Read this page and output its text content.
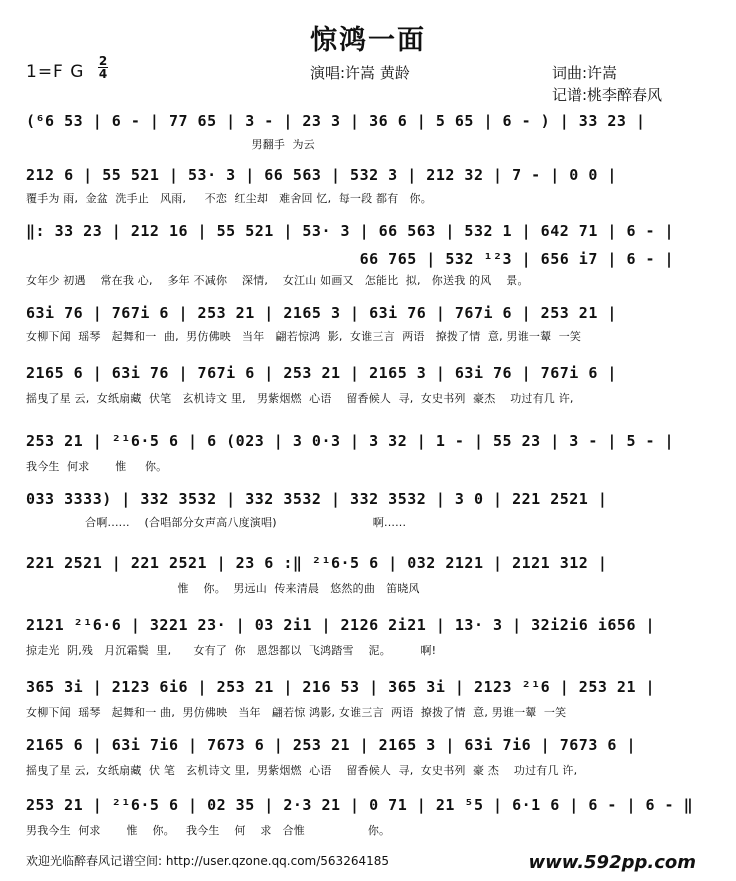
惊鸿一面
1=F G
2
4	演唱:许嵩 黄龄	词曲:许嵩
记谱:桃李醉春风
(⁶6 53 | 6 - | 77 65 | 3 - | 23 3 | 36 6 | 5 65 | 6 - ) | 33 23 |
男翻手  为云
212 6 | 55 521 | 53· 3 | 66 563 | 532 3 | 212 32 | 7 - | 0 0 |
覆手为 雨,  金盆  洗手止   风雨,     不恋  红尘却   难舍回 忆,  每一段 都有   你。
‖: 33 23 | 212 16 | 55 521 | 53· 3 | 66 563 | 532 1 | 642 71 | 6 - |
66 765 | 532 ¹²3 | 656 i7 | 6 - |
女年少 初遇    常在我 心,    多年 不减你    深情,    女江山 如画又   怎能比  拟,   你送我 的风    景。
63i 76 | 767i 6 | 253 21 | 2165 3 | 63i 76 | 767i 6 | 253 21 |
女柳下闻  瑶琴   起舞和一  曲,  男仿佛映   当年   翩若惊鸿  影,  女谁三言  两语   撩拨了情  意, 男谁一颦  一笑
2165 6 | 63i 76 | 767i 6 | 253 21 | 2165 3 | 63i 76 | 767i 6 |
摇曳了星 云,  女纸扇藏  伏笔   玄机诗文 里,   男紫烟燃  心语    留香候人  寻,  女史书列  豪杰    功过有几 许,
253 21 | ²¹6·5 6 | 6 (023 | 3 0·3 | 3 32 | 1 - | 55 23 | 3 - | 5 - |
我今生  何求       惟     你。
033 3333) | 332 3532 | 332 3532 | 332 3532 | 3 0 | 221 2521 |
合啊......    (合唱部分女声高八度演唱)                          啊......
221 2521 | 221 2521 | 23 6 :‖ ²¹6·5 6 | 032 2121 | 2121 312 |
惟    你。  男远山  传来清晨   悠然的曲   笛晓风
2121 ²¹6·6 | 3221 23· | 03 2i1 | 2126 2i21 | 13· 3 | 32i2i6 i656 |
掠走光  阴,残   月沉霜鬓  里,      女有了  你   恩怨都以  飞鸿踏雪    泥。        啊!
365 3i | 2123 6i6 | 253 21 | 216 53 | 365 3i | 2123 ²¹6 | 253 21 |
女柳下闻  瑶琴   起舞和一 曲,  男仿佛映   当年   翩若惊 鸿影, 女谁三言  两语  撩拨了情  意, 男谁一颦  一笑
2165 6 | 63i 7i6 | 7673 6 | 253 21 | 2165 3 | 63i 7i6 | 7673 6 |
摇曳了星 云,  女纸扇藏  伏 笔   玄机诗文 里,  男紫烟燃  心语    留香候人  寻,  女史书列  豪 杰    功过有几 许,
253 21 | ²¹6·5 6 | 02 35 | 2·3 21 | 0 71 | 21 ⁵5 | 6·1 6 | 6 - | 6 - ‖
男我今生  何求       惟    你。   我今生    何    求   合惟                 你。
欢迎光临醉春风记谱空间: http://user.qzone.qq.com/563264185	www.592pp.com
